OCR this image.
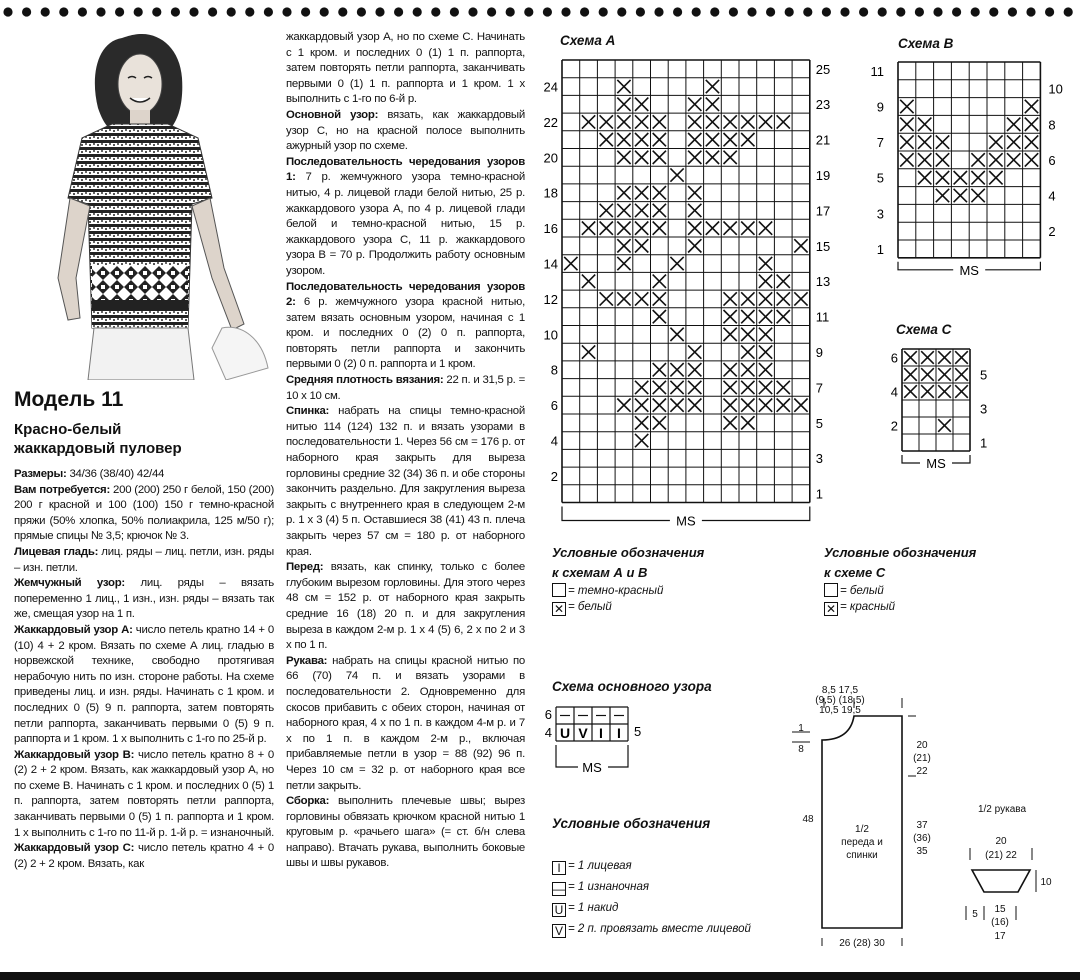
Модель 11
Красно-белый
жаккардовый пуловер

Размеры: 34/36 (38/40) 42/44

Вам потребуется: 200 (200) 250 г белой, 150 (200) 200 г красной и 100 (100) 150 г темно-красной пряжи (50% хлопка, 50% полиакрила, 125 м/50 г); прямые спицы № 3,5; крючок № 3.

Лицевая гладь: лиц. ряды – лиц. петли, изн. ряды – изн. петли.

Жемчужный узор: лиц. ряды – вязать попеременно 1 лиц., 1 изн., изн. ряды – вязать так же, смещая узор на 1 п.

Жаккардовый узор А: число петель кратно 14 + 0 (10) 4 + 2 кром. Вязать по схеме А лиц. гладью в норвежской технике, свободно протягивая нерабочую нить по изн. стороне работы. На схеме приведены лиц. и изн. ряды. Начинать с 1 кром. и последних 0 (5) 9 п. раппорта, затем повторять петли раппорта, заканчивать первыми 0 (5) 9 п. раппорта и 1 кром. 1 х выполнить с 1-го по 25-й р.

Жаккардовый узор В: число петель кратно 8 + 0 (2) 2 + 2 кром. Вязать, как жаккардовый узор А, но по схеме В. Начинать с 1 кром. и последних 0 (5) 1 п. раппорта, затем повторять петли раппорта, заканчивать первыми 0 (5) 1 п. раппорта и 1 кром. 1 х выполнить с 1-го по 11-й р. 1-й р. = изнаночный.

Жаккардовый узор С: число петель кратно 4 + 0 (2) 2 + 2 кром. Вязать, как

жаккардовый узор А, но по схеме С. Начинать с 1 кром. и последних 0 (1) 1 п. раппорта, затем повторять петли раппорта, заканчивать первыми 0 (1) 1 п. раппорта и 1 кром. 1 х выполнить с 1-го по 6-й р.

Основной узор: вязать, как жаккардовый узор С, но на красной полосе выполнить ажурный узор по схеме.

Последовательность чередования узоров 1: 7 р. жемчужного узора темно-красной нитью, 4 р. лицевой глади белой нитью, 25 р. жаккардового узора А, по 4 р. лицевой глади белой и темно-красной нитью, 15 р. жаккардового узора С, 11 р. жаккардового узора В = 70 р. Продолжить работу основным узором.

Последовательность чередования узоров 2: 6 р. жемчужного узора красной нитью, затем вязать основным узором, начиная с 1 кром. и последних 0 (2) 0 п. раппорта, повторять петли раппорта и закончить первыми 0 (2) 0 п. раппорта и 1 кром.

Средняя плотность вязания: 22 п. и 31,5 р. = 10 х 10 см.

Спинка: набрать на спицы темно-красной нитью 114 (124) 132 п. и вязать узорами в последовательности 1. Через 56 см = 176 р. от наборного края закрыть для выреза горловины средние 32 (34) 36 п. и обе стороны закончить раздельно. Для закругления выреза закрыть с внутреннего края в следующем 2-м р. 1 х 3 (4) 5 п. Оставшиеся 38 (41) 43 п. плеча закрыть через 57 см = 180 р. от наборного края.

Перед: вязать, как спинку, только с более глубоким вырезом горловины. Для этого через 48 см = 152 р. от наборного края закрыть средние 16 (18) 20 п. и для закругления выреза в каждом 2-м р. 1 х 4 (5) 6, 2 х по 2 и 3 х по 1 п.

Рукава: набрать на спицы красной нитью по 66 (70) 74 п. и вязать узорами в последовательности 2. Одновременно для скосов прибавить с обеих сторон, начиная от наборного края, 4 х по 1 п. в каждом 4-м р. и 7 х по 1 п. в каждом 2-м р., включая прибавляемые петли в узор = 88 (92) 96 п. Через 10 см = 32 р. от наборного края все петли закрыть.

Сборка: выполнить плечевые швы; вырез горловины обвязать крючком красной нитью 1 круговым р. «рачьего шага» (= ст. б/н слева направо). Втачать рукава, выполнить боковые швы и швы рукавов.

Схема А
25
23
21
19
17
15
13
11
9
7
5
3
1
24
22
20
18
16
14
12
10
8
6
4
2
MS
Схема В
10
8
6
4
2
11
9
7
5
3
1
MS
Схема С
5
3
1
6
4
2
MS
Условные обозначения
к схемам А и В
= темно-красный
✕ = белый
Условные обозначения
к схеме С
= белый
✕ = красный
Схема основного узора
U V I I
6
4	5
MS
Условные обозначения
I = 1 лицевая
— = 1 изнаночная
U = 1 накид
V = 2 п. провязать вместе лицевой
8,5 17,5
(9,5) (18,5)
10,5 19,5
1
8	20
(21)
22
1/2
переда и
спинки
48
37
(36)
35
26 (28) 30
1/2 рукава
20
(21) 22
10
5 15
(16)
17
